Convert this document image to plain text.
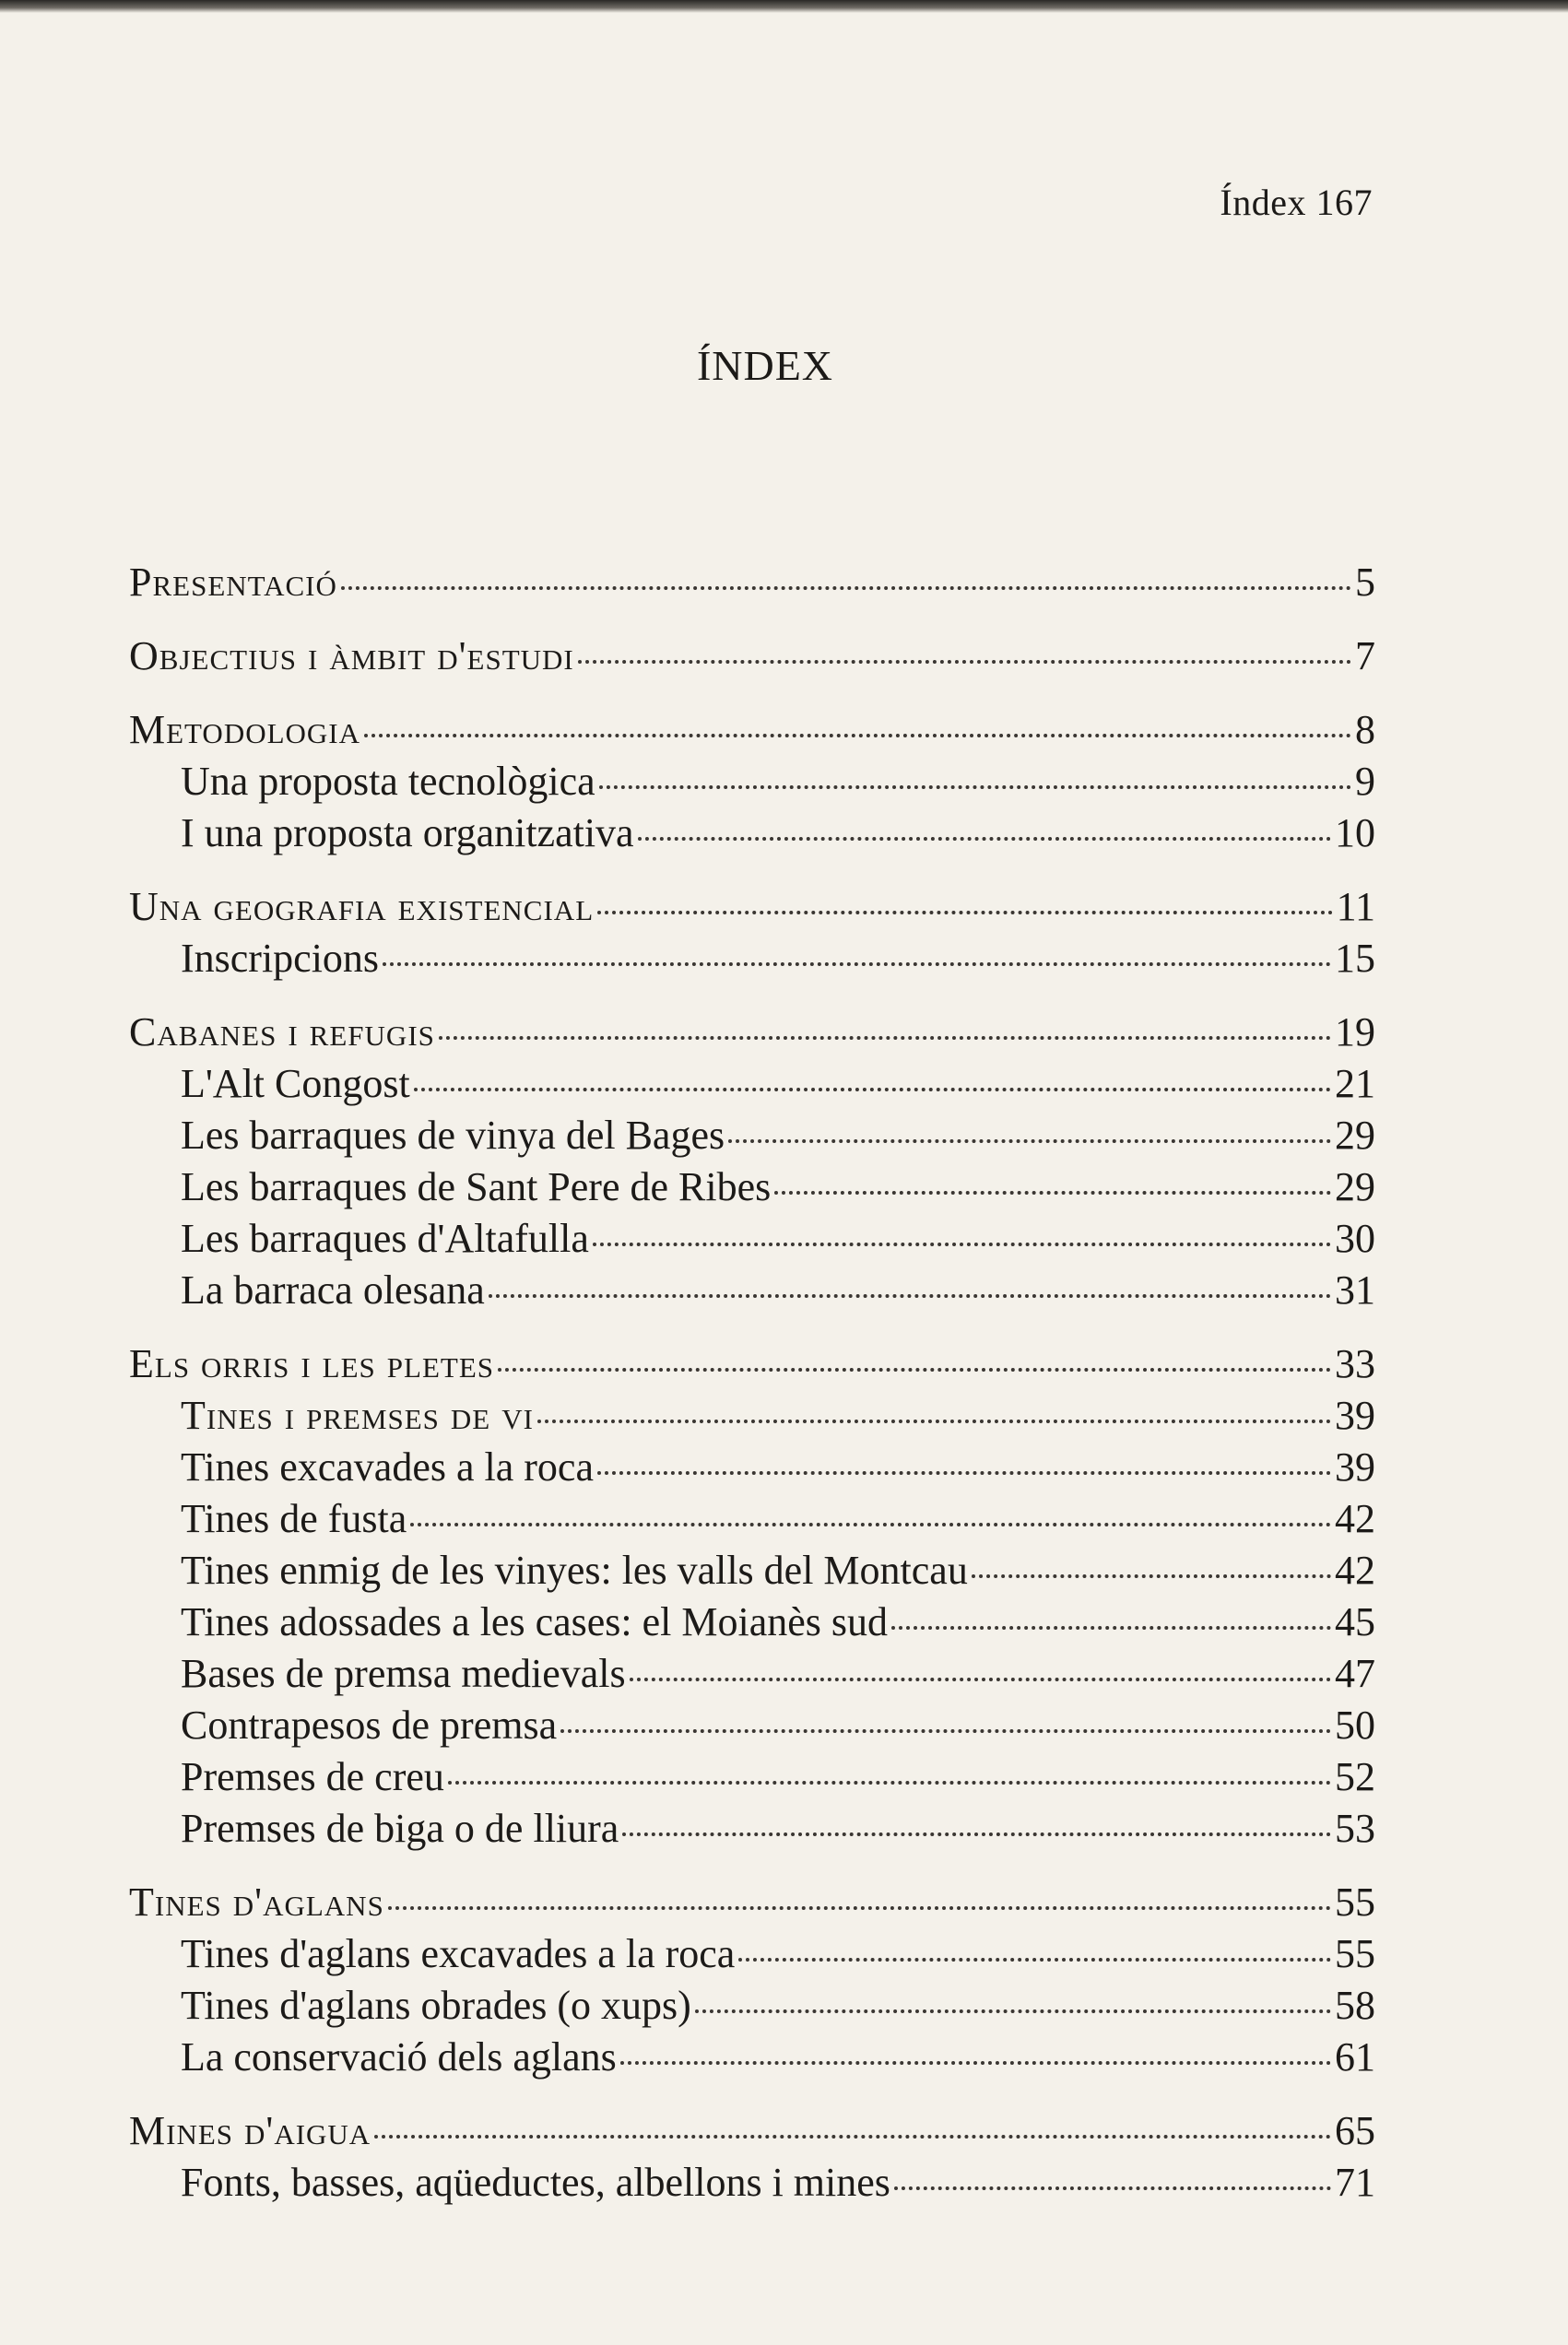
Índex 167
ÍNDEX
Presentació	5
Objectius i àmbit d'estudi	7
Metodologia	8
Una proposta tecnològica	9
I una proposta organitzativa	10
Una geografia existencial	11
Inscripcions	15
Cabanes i refugis	19
L'Alt Congost	21
Les barraques de vinya del Bages	29
Les barraques de Sant Pere de Ribes	29
Les barraques d'Altafulla	30
La barraca olesana	31
Els orris i les pletes	33
Tines i premses de vi	39
Tines excavades a la roca	39
Tines de fusta	42
Tines enmig de les vinyes: les valls del Montcau	42
Tines adossades a les cases: el Moianès sud	45
Bases de premsa medievals	47
Contrapesos de premsa	50
Premses de creu	52
Premses de biga o de lliura	53
Tines d'aglans	55
Tines d'aglans excavades a la roca	55
Tines d'aglans obrades (o xups)	58
La conservació dels aglans	61
Mines d'aigua	65
Fonts, basses, aqüeductes, albellons i mines	71
